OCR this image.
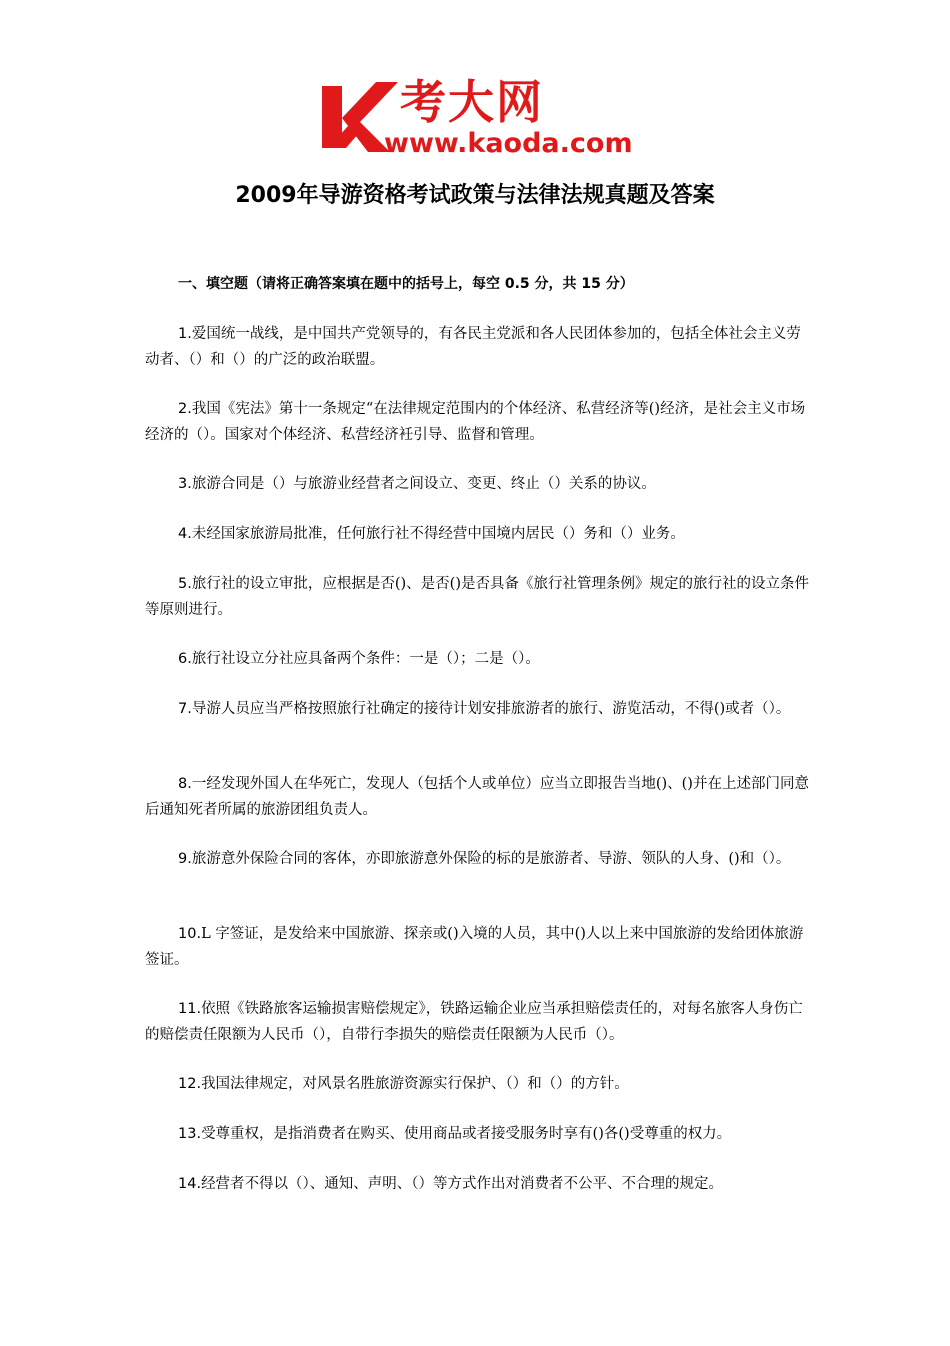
考大网
www.kaoda.com
2009年导游资格考试政策与法律法规真题及答案
一、填空题（请将正确答案填在题中的括号上，每空 0.5 分，共 15 分）

1.爱国统一战线，是中国共产党领导的，有各民主党派和各人民团体参加的，包括全体社会主义劳动者、（）和（）的广泛的政治联盟。

2.我国《宪法》第十一条规定“在法律规定范围内的个体经济、私营经济等()经济，是社会主义市场经济的（）。国家对个体经济、私营经济衽引导、监督和管理。

3.旅游合同是（）与旅游业经营者之间设立、变更、终止（）关系的协议。

4.未经国家旅游局批准，任何旅行社不得经营中国境内居民（）务和（）业务。

5.旅行社的设立审批，应根据是否()、是否()是否具备《旅行社管理条例》规定的旅行社的设立条件等原则进行。

6.旅行社设立分社应具备两个条件：一是（）；二是（）。

7.导游人员应当严格按照旅行社确定的接待计划安排旅游者的旅行、游览活动，不得()或者（）。

8.一经发现外国人在华死亡，发现人（包括个人或单位）应当立即报告当地()、()并在上述部门同意后通知死者所属的旅游团组负责人。

9.旅游意外保险合同的客体，亦即旅游意外保险的标的是旅游者、导游、领队的人身、()和（）。

10.L 字签证，是发给来中国旅游、探亲或()入境的人员，其中()人以上来中国旅游的发给团体旅游签证。

11.依照《铁路旅客运输损害赔偿规定》，铁路运输企业应当承担赔偿责任的，对每名旅客人身伤亡的赔偿责任限额为人民币（），自带行李损失的赔偿责任限额为人民币（）。

12.我国法律规定，对风景名胜旅游资源实行保护、（）和（）的方针。

13.受尊重权，是指消费者在购买、使用商品或者接受服务时享有()各()受尊重的权力。

14.经营者不得以（）、通知、声明、（）等方式作出对消费者不公平、不合理的规定。
